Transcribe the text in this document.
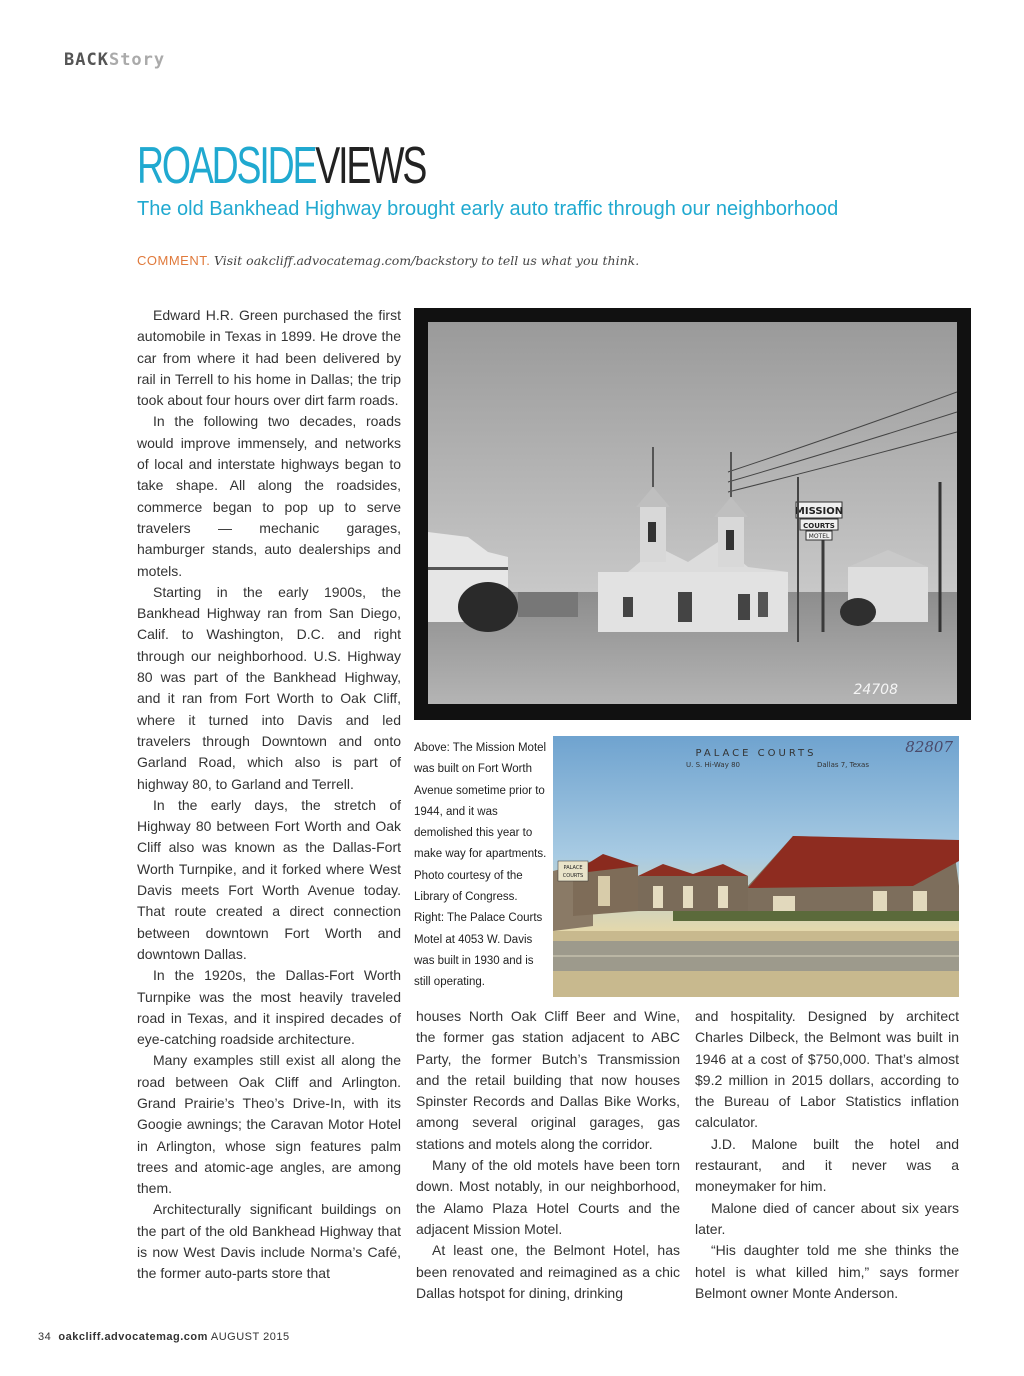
BACKStory
ROADSIDEVIEWS
The old Bankhead Highway brought early auto traffic through our neighborhood
COMMENT. Visit oakcliff.advocatemag.com/backstory to tell us what you think.

Edward H.R. Green purchased the first automobile in Texas in 1899. He drove the car from where it had been delivered by rail in Terrell to his home in Dallas; the trip took about four hours over dirt farm roads.

In the following two decades, roads would improve immensely, and networks of local and interstate highways began to take shape. All along the roadsides, commerce began to pop up to serve travelers — mechanic garages, hamburger stands, auto dealerships and motels.

Starting in the early 1900s, the Bankhead Highway ran from San Diego, Calif. to Washington, D.C. and right through our neighborhood. U.S. Highway 80 was part of the Bankhead Highway, and it ran from Fort Worth to Oak Cliff, where it turned into Davis and led travelers through Downtown and onto Garland Road, which also is part of highway 80, to Garland and Terrell.

In the early days, the stretch of Highway 80 between Fort Worth and Oak Cliff also was known as the Dallas-Fort Worth Turnpike, and it forked where West Davis meets Fort Worth Avenue today. That route created a direct connection between downtown Fort Worth and downtown Dallas.

In the 1920s, the Dallas-Fort Worth Turnpike was the most heavily traveled road in Texas, and it inspired decades of eye-catching roadside architecture.

Many examples still exist all along the road between Oak Cliff and Arlington. Grand Prairie’s Theo’s Drive-In, with its Googie awnings; the Caravan Motor Hotel in Arlington, whose sign features palm trees and atomic-age angles, are among them.

Architecturally significant buildings on the part of the old Bankhead Highway that is now West Davis include Norma’s Café, the former auto-parts store that

MISSION
COURTS
MOTEL
24708
Above: The Mission Motel was built on Fort Worth Avenue sometime prior to 1944, and it was demolished this year to make way for apartments. Photo courtesy of the Library of Congress. Right: The Palace Courts Motel at 4053 W. Davis was built in 1930 and is still operating.
PALACE COURTS
U. S. Hi-Way 80	Dallas 7, Texas
82807
PALACE
COURTS

houses North Oak Cliff Beer and Wine, the former gas station adjacent to ABC Party, the former Butch’s Transmission and the retail building that now houses Spinster Records and Dallas Bike Works, among several original garages, gas stations and motels along the corridor.

Many of the old motels have been torn down. Most notably, in our neighborhood, the Alamo Plaza Hotel Courts and the adjacent Mission Motel.

At least one, the Belmont Hotel, has been renovated and reimagined as a chic Dallas hotspot for dining, drinking

and hospitality. Designed by architect Charles Dilbeck, the Belmont was built in 1946 at a cost of $750,000. That’s almost $9.2 million in 2015 dollars, according to the Bureau of Labor Statistics inflation calculator.

J.D. Malone built the hotel and restaurant, and it never was a moneymaker for him.

Malone died of cancer about six years later.

“His daughter told me she thinks the hotel is what killed him,” says former Belmont owner Monte Anderson.

34 oakcliff.advocatemag.com AUGUST 2015
